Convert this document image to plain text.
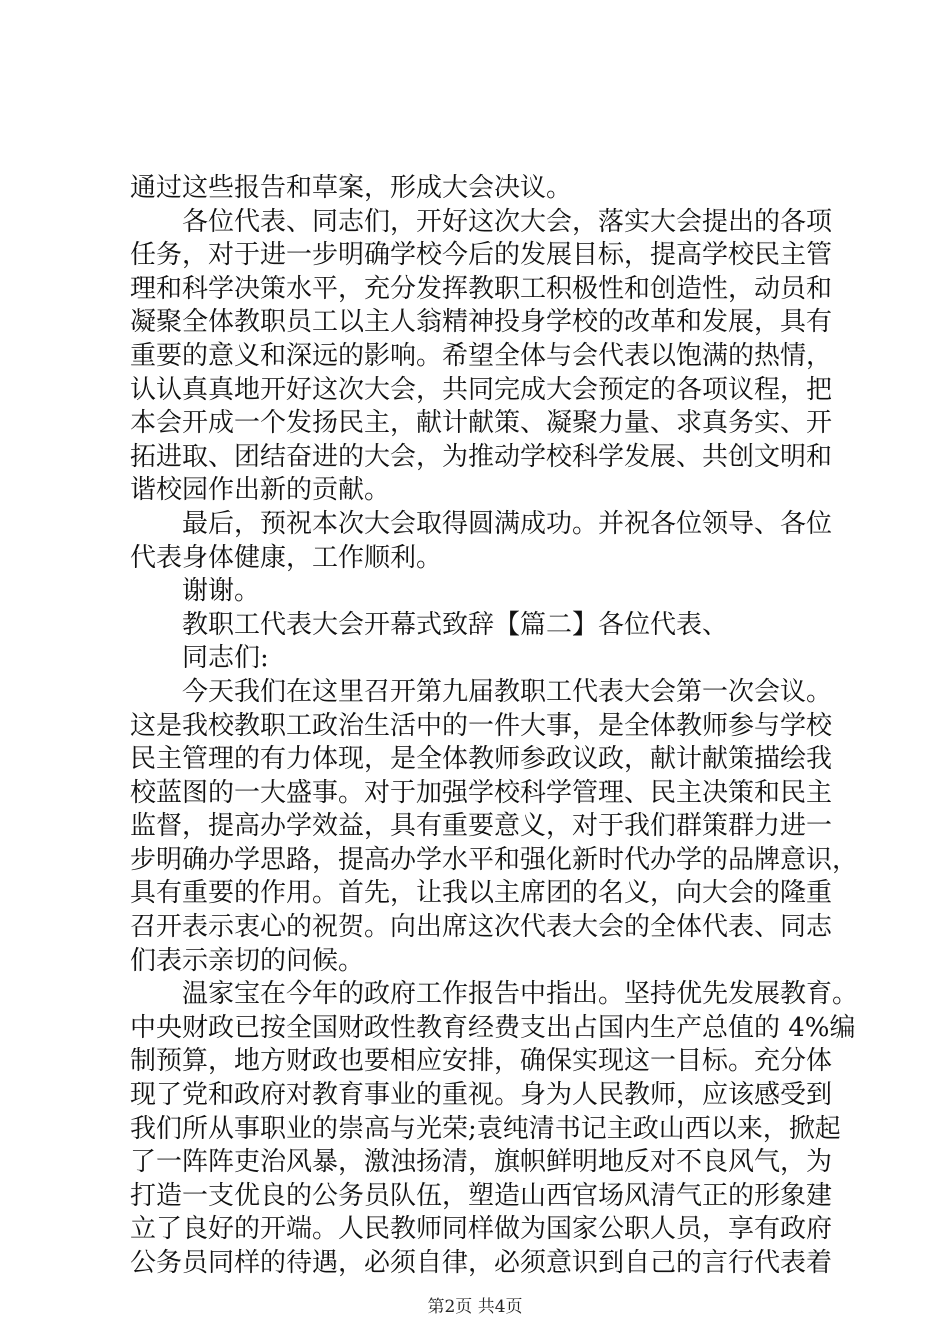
通过这些报告和草案，形成大会决议。
各位代表、同志们，开好这次大会，落实大会提出的各项
任务，对于进一步明确学校今后的发展目标，提高学校民主管
理和科学决策水平，充分发挥教职工积极性和创造性，动员和
凝聚全体教职员工以主人翁精神投身学校的改革和发展，具有
重要的意义和深远的影响。希望全体与会代表以饱满的热情，
认认真真地开好这次大会，共同完成大会预定的各项议程，把
本会开成一个发扬民主，献计献策、凝聚力量、求真务实、开
拓进取、团结奋进的大会，为推动学校科学发展、共创文明和
谐校园作出新的贡献。
最后，预祝本次大会取得圆满成功。并祝各位领导、各位
代表身体健康，工作顺利。
谢谢。
教职工代表大会开幕式致辞【篇二】各位代表、
同志们:
今天我们在这里召开第九届教职工代表大会第一次会议。
这是我校教职工政治生活中的一件大事，是全体教师参与学校
民主管理的有力体现，是全体教师参政议政，献计献策描绘我
校蓝图的一大盛事。对于加强学校科学管理、民主决策和民主
监督，提高办学效益，具有重要意义，对于我们群策群力进一
步明确办学思路，提高办学水平和强化新时代办学的品牌意识，
具有重要的作用。首先，让我以主席团的名义，向大会的隆重
召开表示衷心的祝贺。向出席这次代表大会的全体代表、同志
们表示亲切的问候。
温家宝在今年的政府工作报告中指出。坚持优先发展教育。
中央财政已按全国财政性教育经费支出占国内生产总值的 4%编
制预算，地方财政也要相应安排，确保实现这一目标。充分体
现了党和政府对教育事业的重视。身为人民教师，应该感受到
我们所从事职业的崇高与光荣;袁纯清书记主政山西以来，掀起
了一阵阵吏治风暴，激浊扬清，旗帜鲜明地反对不良风气，为
打造一支优良的公务员队伍，塑造山西官场风清气正的形象建
立了良好的开端。人民教师同样做为国家公职人员，享有政府
公务员同样的待遇，必须自律，必须意识到自己的言行代表着
第2页 共4页
